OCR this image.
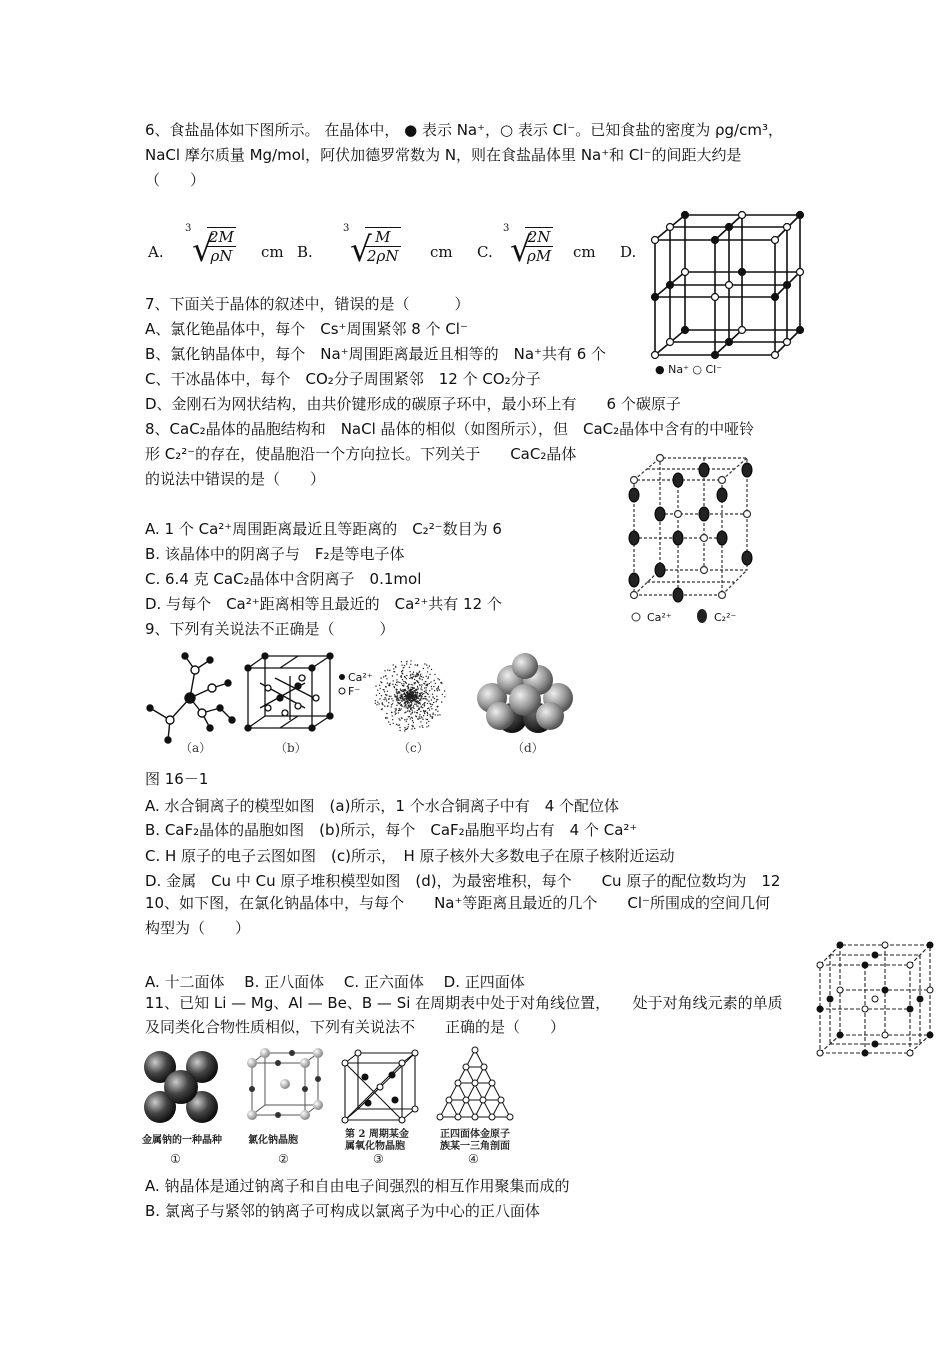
6、食盐晶体如下图所示。 在晶体中， ● 表示 Na⁺，○ 表示 Cl⁻。已知食盐的密度为 ρg/cm³，
NaCl 摩尔质量 Mg/mol，阿伏加德罗常数为 N，则在食盐晶体里 Na⁺和 Cl⁻的间距大约是
（　　）
A.
3
√
$\frac{2M}{\rho N}$ cm B.
3
√
$\frac{M}{2\rho N}$ cm C.
3
√
$\frac{2N}{\rho M}$ cm D.
● Na⁺ ○ Cl⁻
7、下面关于晶体的叙述中，错误的是（　　　）
A、氯化铯晶体中，每个　Cs⁺周围紧邻 8 个 Cl⁻
B、氯化钠晶体中，每个　Na⁺周围距离最近且相等的　Na⁺共有 6 个
C、干冰晶体中，每个　CO₂分子周围紧邻　12 个 CO₂分子
D、金刚石为网状结构，由共价键形成的碳原子环中，最小环上有　　6 个碳原子
8、CaC₂晶体的晶胞结构和　NaCl 晶体的相似（如图所示），但　CaC₂晶体中含有的中哑铃
形 C₂²⁻的存在，使晶胞沿一个方向拉长。下列关于　　CaC₂晶体
的说法中错误的是（　　）
A. 1 个 Ca²⁺周围距离最近且等距离的　C₂²⁻数目为 6
B. 该晶体中的阴离子与　F₂是等电子体
C. 6.4 克 CaC₂晶体中含阴离子　0.1mol
D. 与每个　Ca²⁺距离相等且最近的　Ca²⁺共有 12 个
Ca²⁺	C₂²⁻
9、下列有关说法不正确是（　　　）
Ca²⁺
F⁻
（a）	（b）	（c）	（d）
图 16－1
A. 水合铜离子的模型如图　(a)所示，1 个水合铜离子中有　4 个配位体
B. CaF₂晶体的晶胞如图　(b)所示，每个　CaF₂晶胞平均占有　4 个 Ca²⁺
C. H 原子的电子云图如图　(c)所示，　H 原子核外大多数电子在原子核附近运动
D. 金属　Cu 中 Cu 原子堆积模型如图　(d)，为最密堆积，每个　　Cu 原子的配位数均为　12
10、如下图，在氯化钠晶体中，与每个　　Na⁺等距离且最近的几个　　Cl⁻所围成的空间几何
构型为（　　）
A. 十二面体　 B. 正八面体　 C. 正六面体　 D. 正四面体
11、已知 Li — Mg、Al — Be、B — Si 在周期表中处于对角线位置，　　处于对角线元素的单质
及同类化合物性质相似，下列有关说法不　　正确的是（　　）
金属钠的一种晶种	氯化钠晶胞
第 2 周期某金
属氧化物晶胞
正四面体金原子
族某一三角剖面
①	②	③	④
A. 钠晶体是通过钠离子和自由电子间强烈的相互作用聚集而成的
B. 氯离子与紧邻的钠离子可构成以氯离子为中心的正八面体
